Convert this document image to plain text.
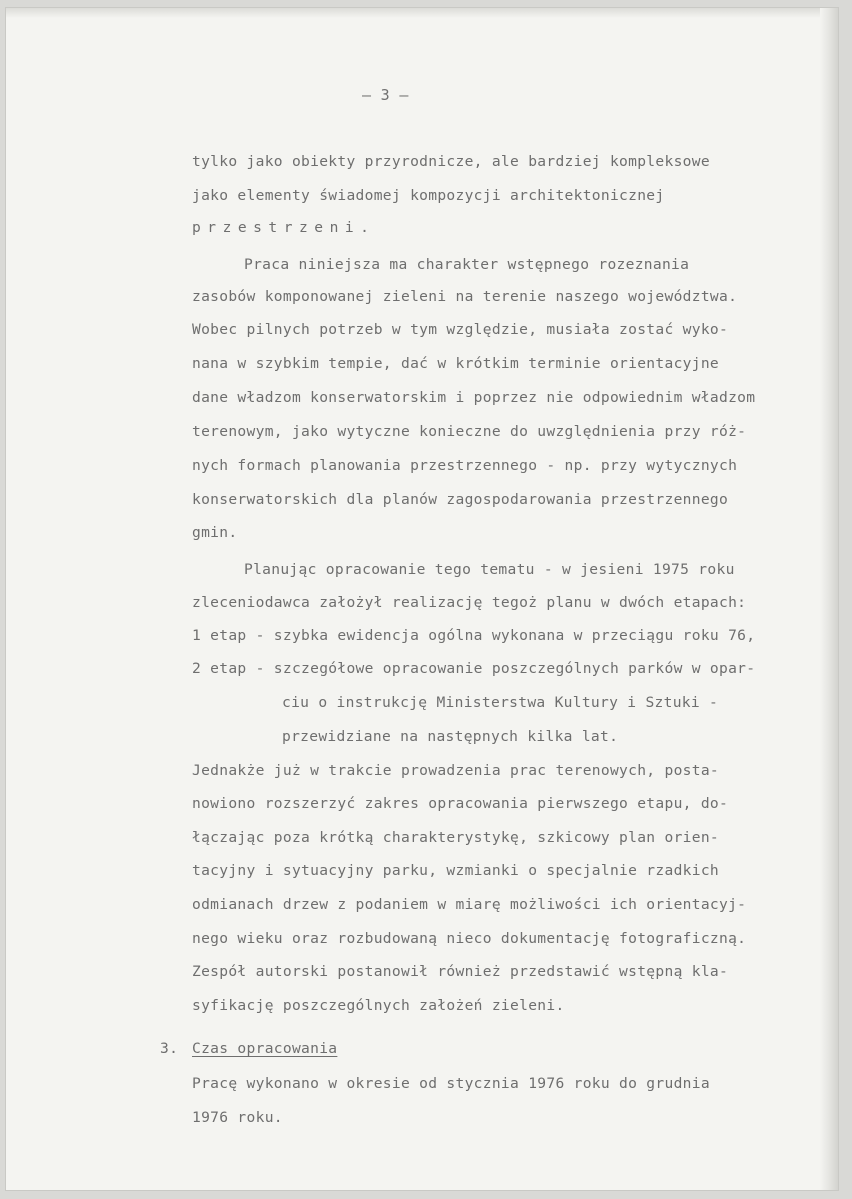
— 3 —
tylko jako obiekty przyrodnicze, ale bardziej kompleksowe
jako elementy świadomej kompozycji architektonicznej
przestrzeni.
Praca niniejsza ma charakter wstępnego rozeznania
zasobów komponowanej zieleni na terenie naszego województwa.
Wobec pilnych potrzeb w tym względzie, musiała zostać wyko-
nana w szybkim tempie, dać w krótkim terminie orientacyjne
dane władzom konserwatorskim i poprzez nie odpowiednim władzom
terenowym, jako wytyczne konieczne do uwzględnienia przy róż-
nych formach planowania przestrzennego - np. przy wytycznych
konserwatorskich dla planów zagospodarowania przestrzennego
gmin.
Planując opracowanie tego tematu - w jesieni 1975 roku
zleceniodawca założył realizację tegoż planu w dwóch etapach:
1 etap - szybka ewidencja ogólna wykonana w przeciągu roku 76,
2 etap - szczegółowe opracowanie poszczególnych parków w opar-
ciu o instrukcję Ministerstwa Kultury i Sztuki -
przewidziane na następnych kilka lat.
Jednakże już w trakcie prowadzenia prac terenowych, posta-
nowiono rozszerzyć zakres opracowania pierwszego etapu, do-
łączając poza krótką charakterystykę, szkicowy plan orien-
tacyjny i sytuacyjny parku, wzmianki o specjalnie rzadkich
odmianach drzew z podaniem w miarę możliwości ich orientacyj-
nego wieku oraz rozbudowaną nieco dokumentację fotograficzną.
Zespół autorski postanowił również przedstawić wstępną kla-
syfikację poszczególnych założeń zieleni.
3. Czas opracowania
Pracę wykonano w okresie od stycznia 1976 roku do grudnia
1976 roku.
